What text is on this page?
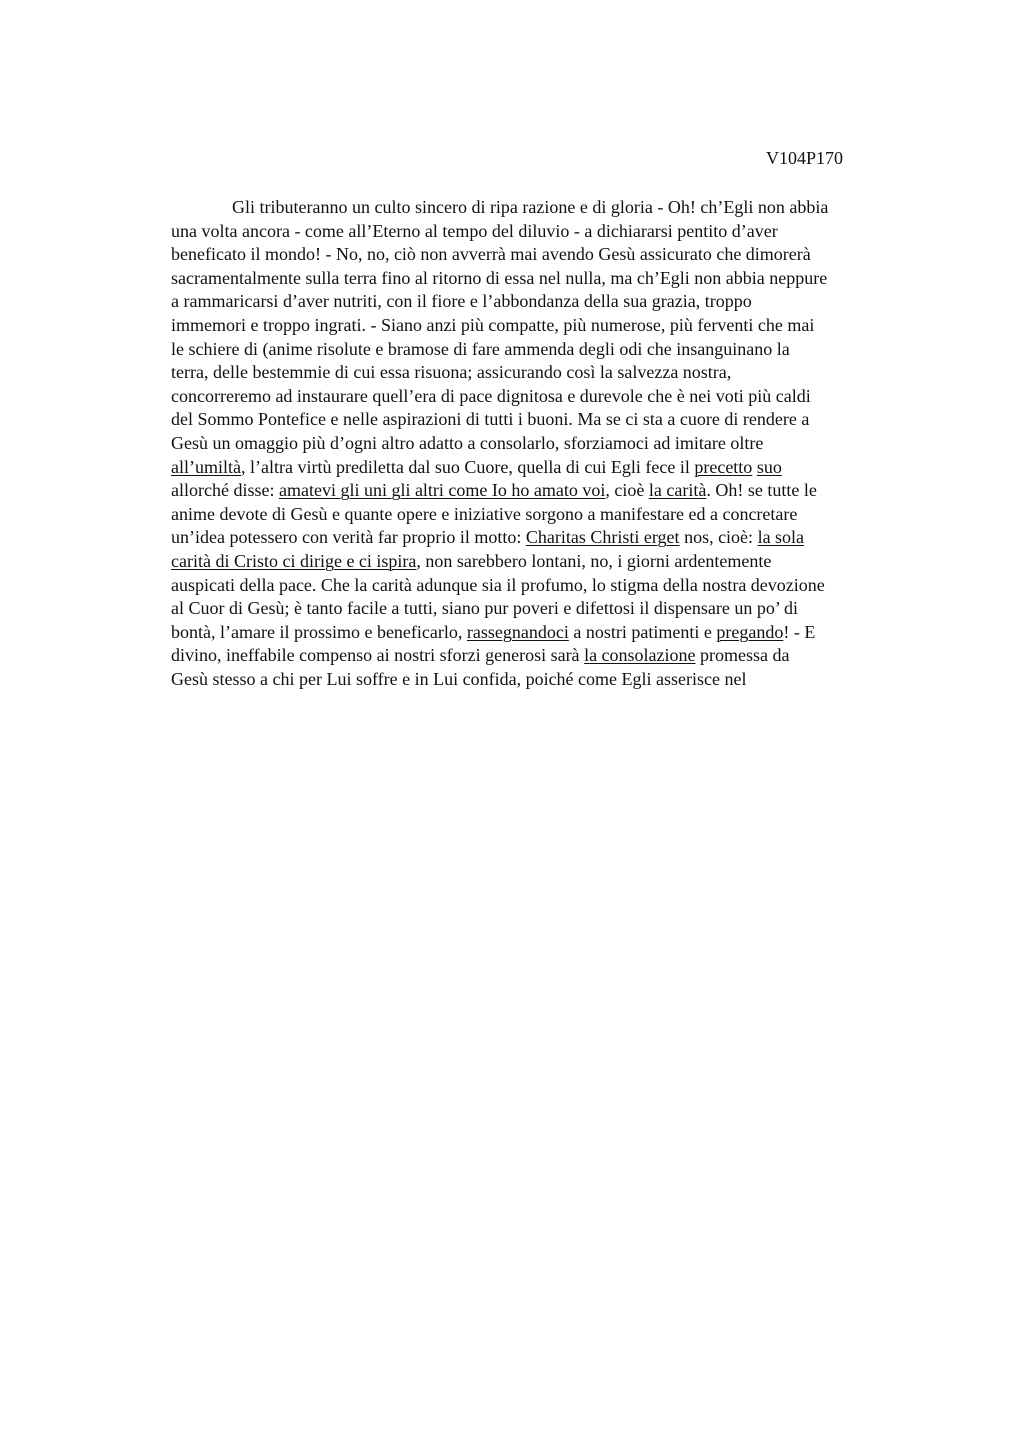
V104P170
Gli tributeranno un culto sincero di ripa razione e di gloria - Oh! ch’Egli non abbia
una volta ancora - come all’Eterno al tempo del diluvio - a dichiararsi pentito d’aver
beneficato il mondo! - No, no, ciò non avverrà mai avendo Gesù assicurato che dimorerà
sacramentalmente sulla terra fino al ritorno di essa nel nulla, ma ch’Egli non abbia neppure
a rammaricarsi d’aver nutriti, con il fiore e l’abbondanza della sua grazia, troppo
immemori e troppo ingrati. - Siano anzi più compatte, più numerose, più ferventi che mai
le schiere di (anime risolute e bramose di fare ammenda degli odi che insanguinano la
terra, delle bestemmie di cui essa risuona; assicurando così la salvezza nostra,
concorreremo ad instaurare quell’era di pace dignitosa e durevole che è nei voti più caldi
del Sommo Pontefice e nelle aspirazioni di tutti i buoni. Ma se ci sta a cuore di rendere a
Gesù un omaggio più d’ogni altro adatto a consolarlo, sforziamoci ad imitare oltre
all’umiltà, l’altra virtù prediletta dal suo Cuore, quella di cui Egli fece il precetto suo
allorché disse: amatevi gli uni gli altri come Io ho amato voi, cioè la carità. Oh! se tutte le
anime devote di Gesù e quante opere e iniziative sorgono a manifestare ed a concretare
un’idea potessero con verità far proprio il motto: Charitas Christi erget nos, cioè: la sola
carità di Cristo ci dirige e ci ispira, non sarebbero lontani, no, i giorni ardentemente
auspicati della pace. Che la carità adunque sia il profumo, lo stigma della nostra devozione
al Cuor di Gesù; è tanto facile a tutti, siano pur poveri e difettosi il dispensare un po’ di
bontà, l’amare il prossimo e beneficarlo, rassegnandoci a nostri patimenti e pregando! - E
divino, ineffabile compenso ai nostri sforzi generosi sarà la consolazione promessa da
Gesù stesso a chi per Lui soffre e in Lui confida, poiché come Egli asserisce nel
